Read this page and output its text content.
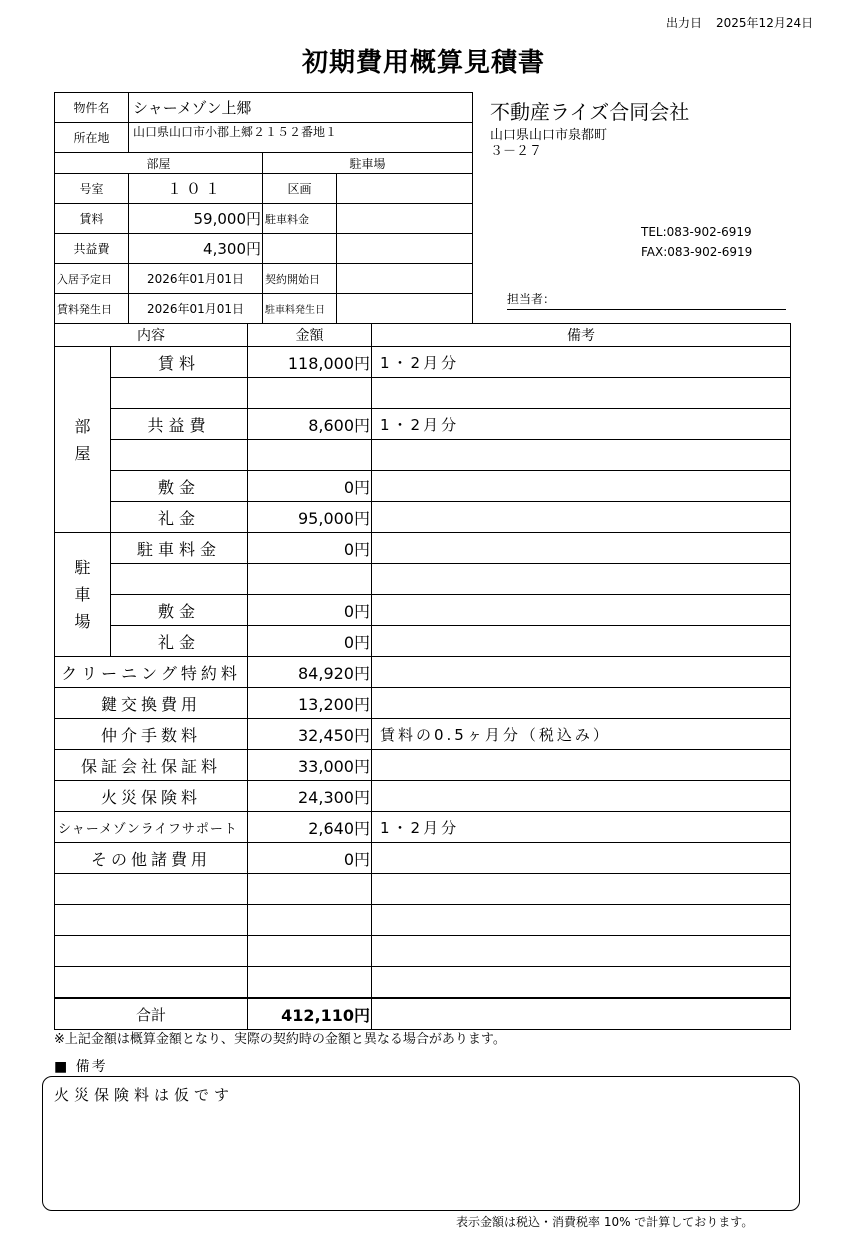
出力日 2025年12月24日
初期費用概算見積書
物件名	シャーメゾン上郷		
所在地	山口県山口市小郡上郷２１５２番地１		
部屋		駐車場	
号室	１０１	区画	
賃料	59,000円	駐車料金	
共益費	4,300円		
入居予定日	2026年01月01日	契約開始日	
賃料発生日	2026年01月01日	駐車料発生日	
不動産ライズ合同会社
山口県山口市泉都町
３－２７
TEL:083-902-6919
FAX:083-902-6919
担当者：
内容		金額	備考
部
屋	賃料	118,000円	1・2月分

	共益費	8,600円	1・2月分

	敷金	0円	
	礼金	95,000円	
駐
車
場	駐車料金	0円	

	敷金	0円	
	礼金	0円	
クリーニング特約料		84,920円	
鍵交換費用		13,200円	
仲介手数料		32,450円	賃料の0.5ヶ月分（税込み）
保証会社保証料		33,000円	
火災保険料		24,300円	
シャーメゾンライフサポート		2,640円	1・2月分
その他諸費用		0円	

合計		412,110円	
※上記金額は概算金額となり、実際の契約時の金額と異なる場合があります。
■ 備考
火災保険料は仮です
表示金額は税込・消費税率 10% で計算しております。
